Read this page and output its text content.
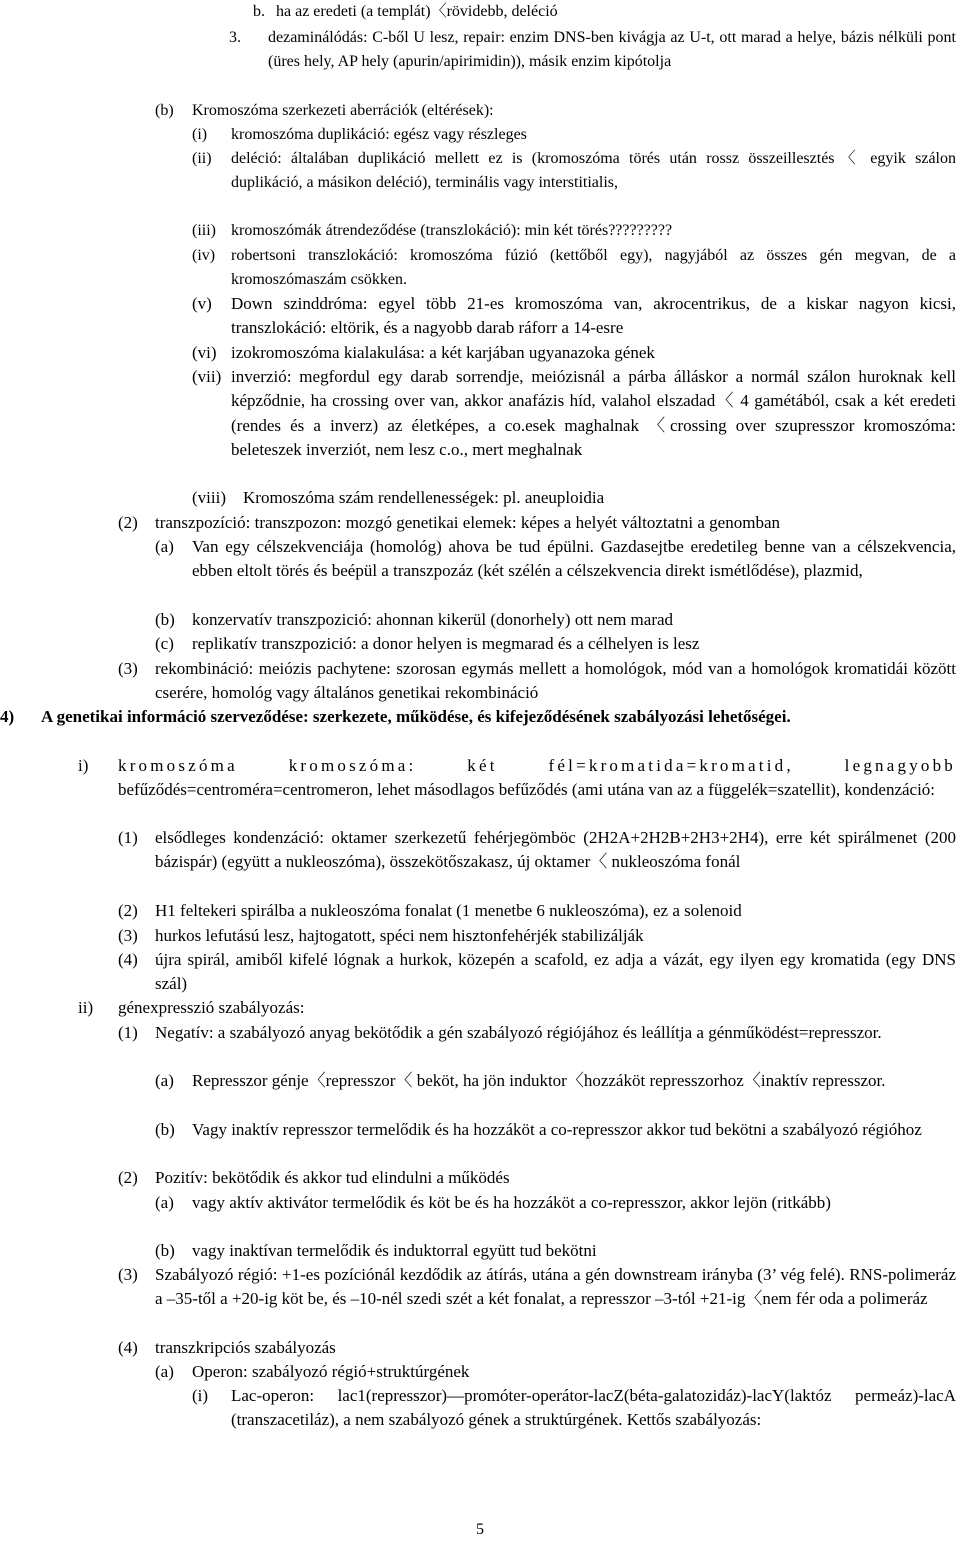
b. ha az eredeti (a templát)〈rövidebb, deléció
3. dezaminálódás: C-ből U lesz, repair: enzim DNS-ben kivágja az U-t, ott marad a helye, bázis nélküli pont (üres hely, AP hely (apurin/apirimidin)), másik enzim kipótolja
(b) Kromoszóma szerkezeti aberrációk (eltérések):
(i) kromoszóma duplikáció: egész vagy részleges
(ii) deléció: általában duplikáció mellett ez is (kromoszóma törés után rossz összeillesztés〈 egyik szálon duplikáció, a másikon deléció), terminális vagy interstitialis,
(iii) kromoszómák átrendeződése (transzlokáció): min két törés?????????
(iv) robertsoni transzlokáció: kromoszóma fúzió (kettőből egy), nagyjából az összes gén megvan, de a kromoszómaszám csökken.
(v) Down szinddróma: egyel több 21-es kromoszóma van, akrocentrikus, de a kiskar nagyon kicsi, transzlokáció: eltörik, és a nagyobb darab ráforr a 14-esre
(vi) izokromoszóma kialakulása: a két karjában ugyanazoka gének
(vii) inverzió: megfordul egy darab sorrendje, meiózisnál a párba álláskor a normál szálon huroknak kell képződnie, ha crossing over van, akkor anafázis híd, valahol elszadad〈 4 gamétából, csak a két eredeti (rendes és a inverz) az életképes, a co.esek maghalnak 〈crossing over szupresszor kromoszóma: beleteszek inverziót, nem lesz c.o., mert meghalnak
(viii) Kromoszóma szám rendellenességek: pl. aneuploidia
(2) transzpozíció: transzpozon: mozgó genetikai elemek: képes a helyét változtatni a genomban
(a) Van egy célszekvenciája (homológ) ahova be tud épülni. Gazdasejtbe eredetileg benne van a célszekvencia, ebben eltolt törés és beépül a transzpozáz (két szélén a célszekvencia direkt ismétlődése), plazmid,
(b) konzervatív transzpozició: ahonnan kikerül (donorhely) ott nem marad
(c) replikatív transzpozició: a donor helyen is megmarad és a célhelyen is lesz
(3) rekombináció: meiózis pachytene: szorosan egymás mellett a homológok, mód van a homológok kromatidái között cserére, homológ vagy általános genetikai rekombináció
4)	A genetikai információ szerveződése: szerkezete, működése, és kifejeződésének szabályozási lehetőségei.
i) kromoszóma kromoszóma: két fél=kromatida=kromatid, legnagyobb befűződés=centroméra=centromeron, lehet másodlagos befűződés (ami utána van az a függelék=szatellit), kondenzáció:
(1) elsődleges kondenzáció: oktamer szerkezetű fehérjegömböc (2H2A+2H2B+2H3+2H4), erre két spirálmenet (200 bázispár) (együtt a nukleoszóma), összekötőszakasz, új oktamer〈 nukleoszóma fonál
(2) H1 feltekeri spirálba a nukleoszóma fonalat (1 menetbe 6 nukleoszóma), ez a solenoid
(3) hurkos lefutású lesz, hajtogatott, spéci nem hisztonfehérjék stabilizálják
(4) újra spirál, amiből kifelé lógnak a hurkok, közepén a scafold, ez adja a vázát, egy ilyen egy kromatida (egy DNS szál)
ii) génexpresszió szabályozás:
(1) Negatív: a szabályozó anyag bekötődik a gén szabályozó régiójához és leállítja a génműködést=represszor.
(a) Represszor génje〈represszor〈 beköt, ha jön induktor〈hozzáköt represszorhoz〈inaktív represszor.
(b) Vagy inaktív represszor termelődik és ha hozzáköt a co-represszor akkor tud bekötni a szabályozó régióhoz
(2) Pozitív: bekötődik és akkor tud elindulni a működés
(a) vagy aktív aktivátor termelődik és köt be és ha hozzáköt a co-represszor, akkor lejön (ritkább)
(b) vagy inaktívan termelődik és induktorral együtt tud bekötni
(3) Szabályozó régió: +1-es pozíciónál kezdődik az átírás, utána a gén downstream irányba (3’ vég felé). RNS-polimeráz a –35-től a +20-ig köt be, és –10-nél szedi szét a két fonalat, a represszor –3-tól +21-ig〈nem fér oda a polimeráz
(4) transzkripciós szabályozás
(a) Operon: szabályozó régió+struktúrgének
(i) Lac-operon: lac1(represszor)—promóter-operátor-lacZ(béta-galatozidáz)-lacY(laktóz permeáz)-lacA (transzacetiláz), a nem szabályozó gének a struktúrgének. Kettős szabályozás:
5
